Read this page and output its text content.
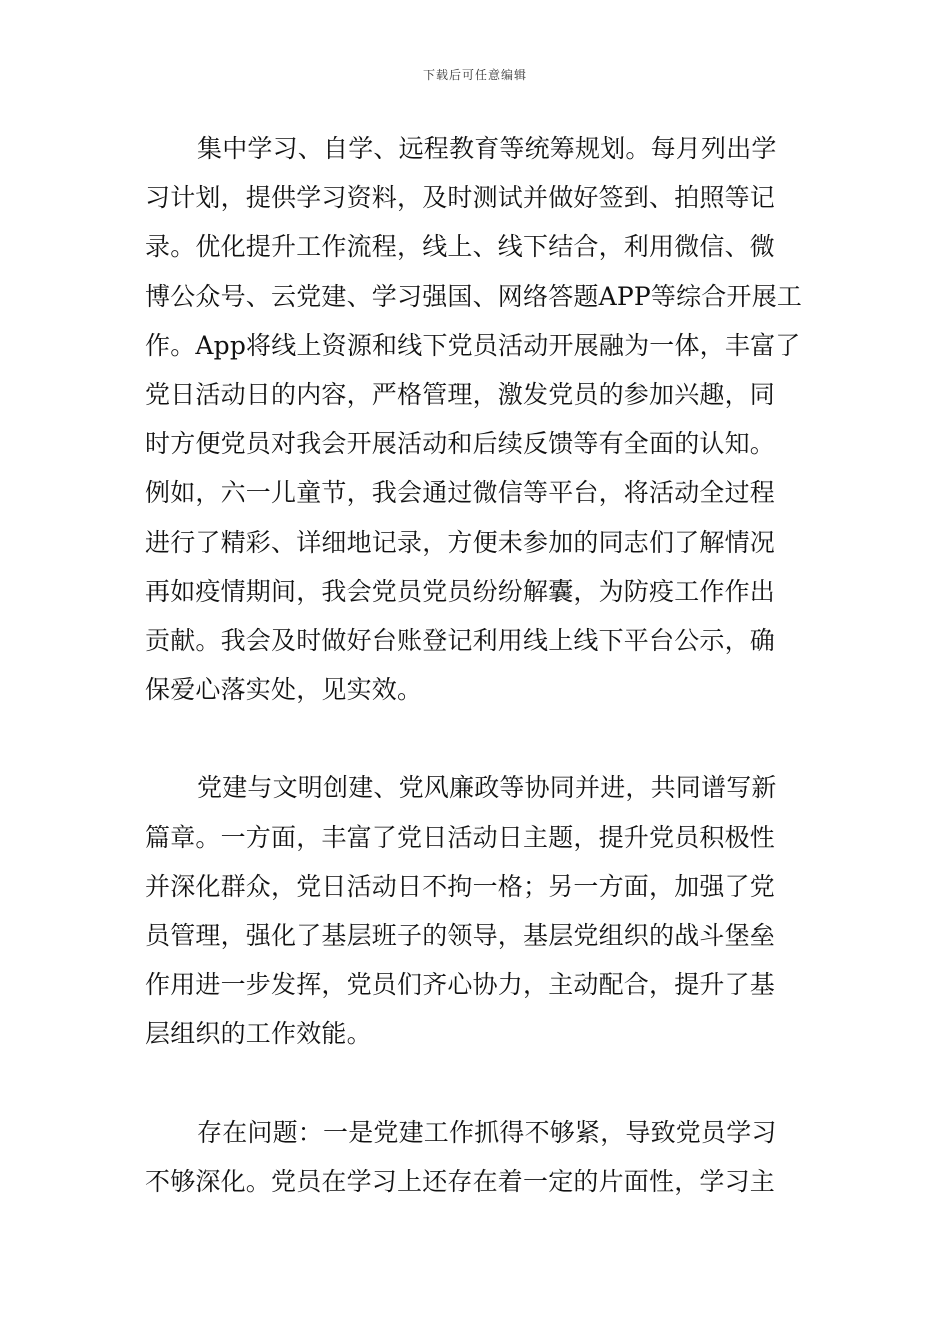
下载后可任意编辑

集中学习、自学、远程教育等统筹规划。每月列出学
习计划，提供学习资料，及时测试并做好签到、拍照等记
录。优化提升工作流程，线上、线下结合，利用微信、微
博公众号、云党建、学习强国、网络答题APP等综合开展工
作。App将线上资源和线下党员活动开展融为一体，丰富了
党日活动日的内容，严格管理，激发党员的参加兴趣，同
时方便党员对我会开展活动和后续反馈等有全面的认知。
例如，六一儿童节，我会通过微信等平台，将活动全过程
进行了精彩、详细地记录，方便未参加的同志们了解情况
再如疫情期间，我会党员党员纷纷解囊，为防疫工作作出
贡献。我会及时做好台账登记利用线上线下平台公示，确
保爱心落实处，见实效。

党建与文明创建、党风廉政等协同并进，共同谱写新
篇章。一方面，丰富了党日活动日主题，提升党员积极性
并深化群众，党日活动日不拘一格；另一方面，加强了党
员管理，强化了基层班子的领导，基层党组织的战斗堡垒
作用进一步发挥，党员们齐心协力，主动配合，提升了基
层组织的工作效能。

存在问题：一是党建工作抓得不够紧，导致党员学习
不够深化。党员在学习上还存在着一定的片面性，学习主
